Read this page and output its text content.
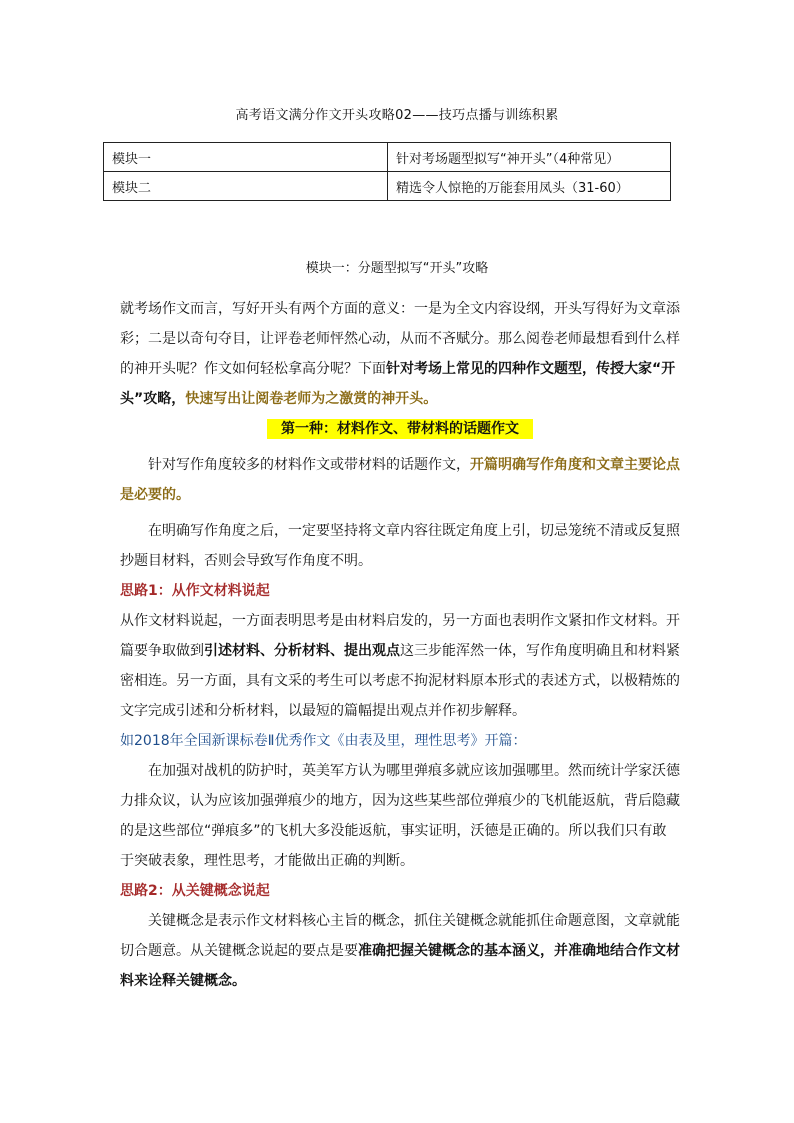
高考语文满分作文开头攻略02——技巧点播与训练积累
模块一	针对考场题型拟写“神开头”（4种常见）
模块二	精选令人惊艳的万能套用凤头（31-60）
模块一：分题型拟写“开头”攻略

就考场作文而言，写好开头有两个方面的意义：一是为全文内容设纲，开头写得好为文章添彩；二是以奇句夺目，让评卷老师怦然心动，从而不吝赋分。那么阅卷老师最想看到什么样的神开头呢？作文如何轻松拿高分呢？下面针对考场上常见的四种作文题型，传授大家“开头”攻略，快速写出让阅卷老师为之激赏的神开头。

第一种：材料作文、带材料的话题作文

针对写作角度较多的材料作文或带材料的话题作文，开篇明确写作角度和文章主要论点是必要的。

在明确写作角度之后，一定要坚持将文章内容往既定角度上引，切忌笼统不清或反复照抄题目材料，否则会导致写作角度不明。

思路1：从作文材料说起

从作文材料说起，一方面表明思考是由材料启发的，另一方面也表明作文紧扣作文材料。开篇要争取做到引述材料、分析材料、提出观点这三步能浑然一体，写作角度明确且和材料紧密相连。另一方面，具有文采的考生可以考虑不拘泥材料原本形式的表述方式，以极精炼的文字完成引述和分析材料，以最短的篇幅提出观点并作初步解释。

如2018年全国新课标卷Ⅱ优秀作文《由表及里，理性思考》开篇：

在加强对战机的防护时，英美军方认为哪里弹痕多就应该加强哪里。然而统计学家沃德力排众议，认为应该加强弹痕少的地方，因为这些某些部位弹痕少的飞机能返航，背后隐藏的是这些部位“弹痕多”的飞机大多没能返航，事实证明，沃德是正确的。所以我们只有敢于突破表象，理性思考，才能做出正确的判断。

思路2：从关键概念说起

关键概念是表示作文材料核心主旨的概念，抓住关键概念就能抓住命题意图，文章就能切合题意。从关键概念说起的要点是要准确把握关键概念的基本涵义，并准确地结合作文材料来诠释关键概念。
